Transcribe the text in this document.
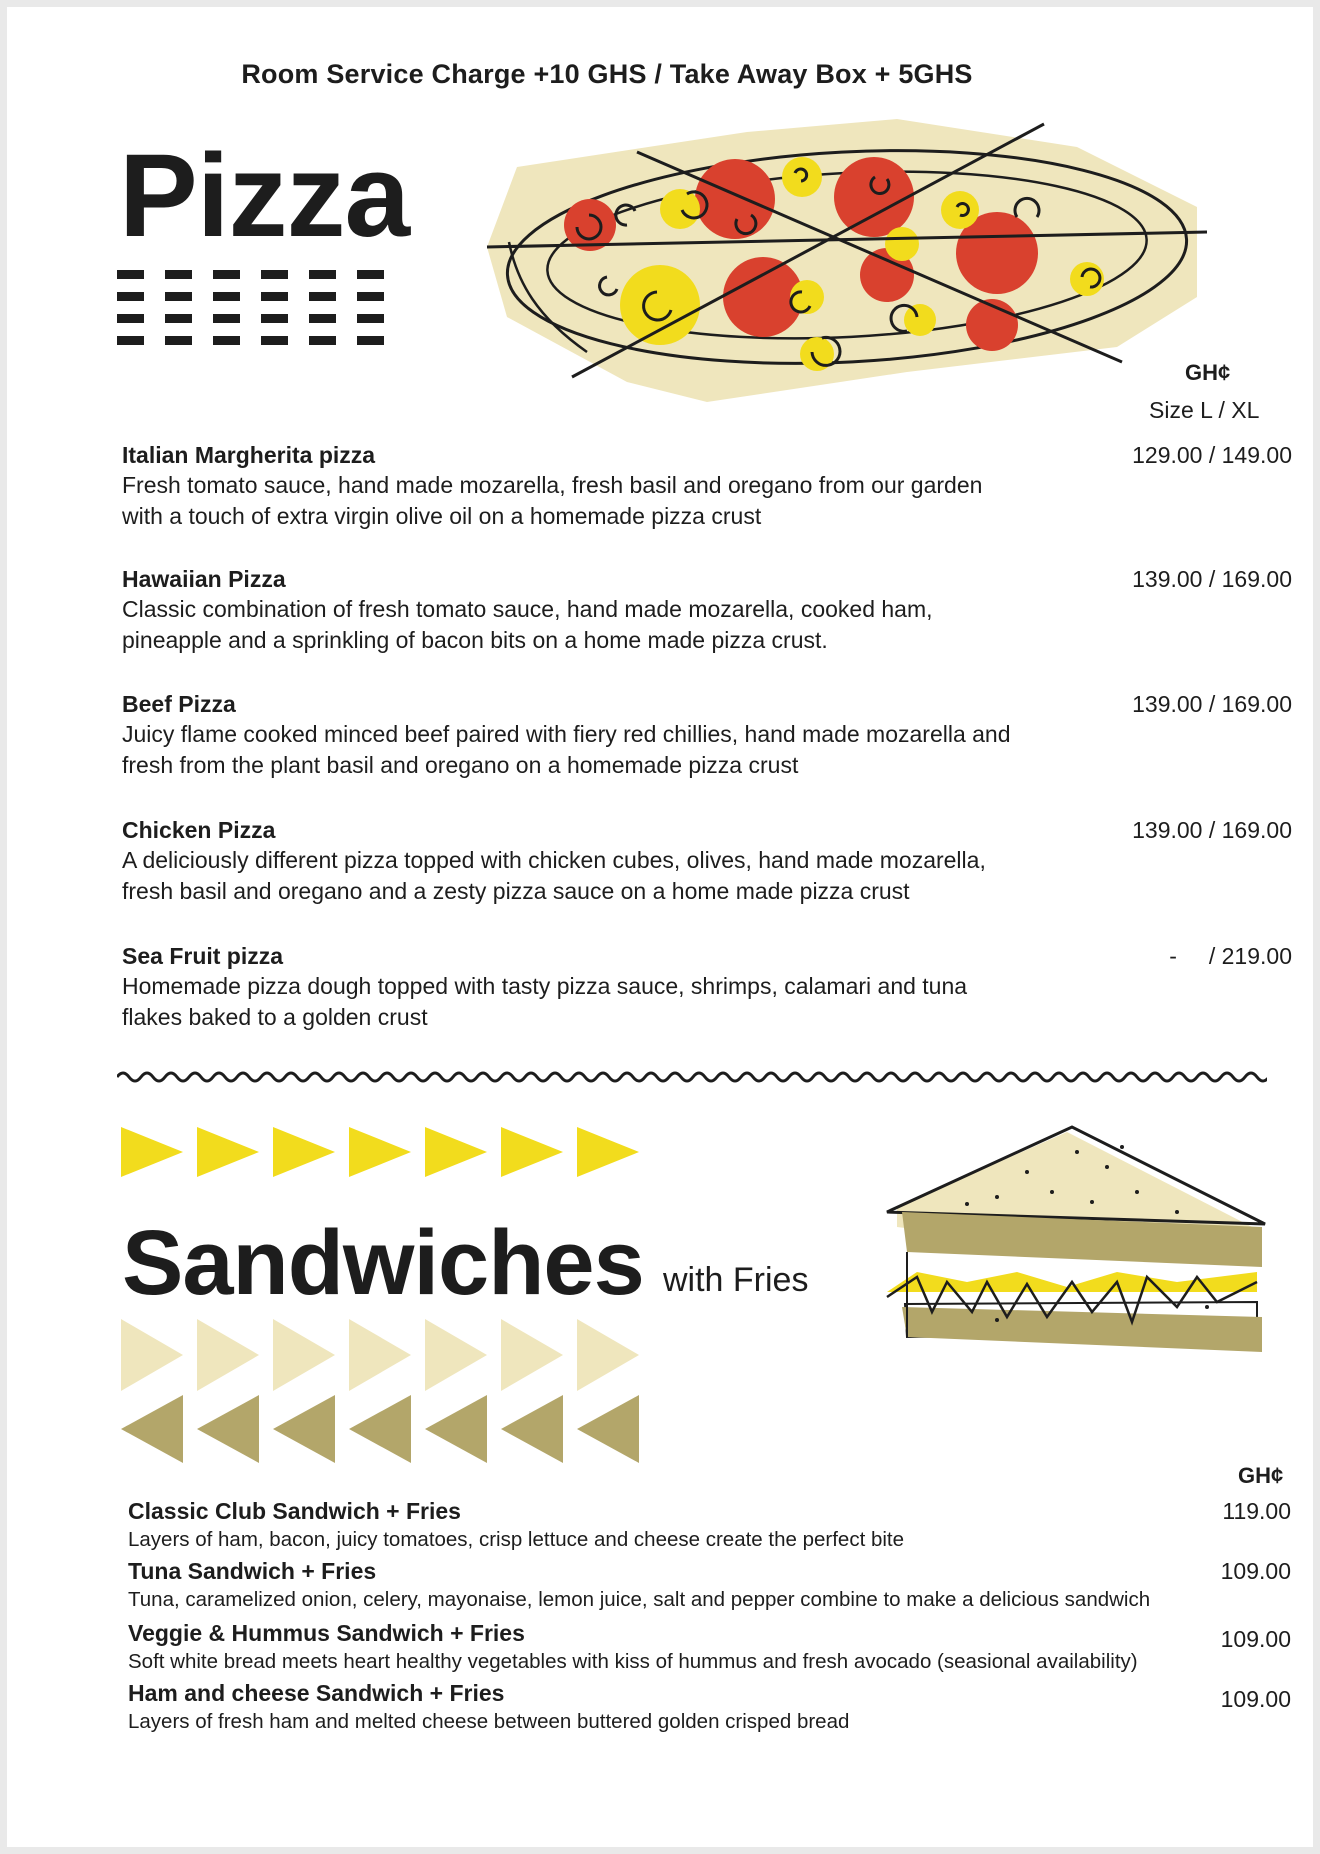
Room Service Charge +10 GHS / Take Away Box + 5GHS
Pizza
GH¢
Size L / XL
Italian Margherita pizza
Fresh tomato sauce, hand made mozarella, fresh basil and oregano from our garden with a touch of extra virgin olive oil on a homemade pizza crust
129.00 / 149.00
Hawaiian Pizza
Classic combination of fresh tomato sauce, hand made mozarella, cooked ham, pineapple and a sprinkling of bacon bits on a home made pizza crust.
139.00 / 169.00
Beef Pizza
Juicy flame cooked minced beef paired with fiery red chillies, hand made mozarella and fresh from the plant basil and oregano on a homemade pizza crust
139.00 / 169.00
Chicken Pizza
A deliciously different pizza topped with chicken cubes, olives, hand made mozarella, fresh basil and oregano and a zesty pizza sauce on a home made pizza crust
139.00 / 169.00
Sea Fruit pizza
Homemade pizza dough topped with tasty pizza sauce, shrimps, calamari and tuna flakes baked to a golden crust
-     / 219.00
Sandwiches with Fries
GH¢
Classic Club Sandwich + Fries
Layers of ham, bacon, juicy tomatoes, crisp lettuce and cheese create the perfect bite
119.00
Tuna Sandwich + Fries
Tuna, caramelized onion, celery, mayonaise, lemon juice, salt and pepper combine to make a delicious sandwich
109.00
Veggie & Hummus Sandwich + Fries
Soft white bread meets heart healthy vegetables with kiss of hummus and fresh avocado (seasional availability)
109.00
Ham and cheese Sandwich + Fries
Layers of fresh ham and melted cheese between buttered golden crisped bread
109.00
